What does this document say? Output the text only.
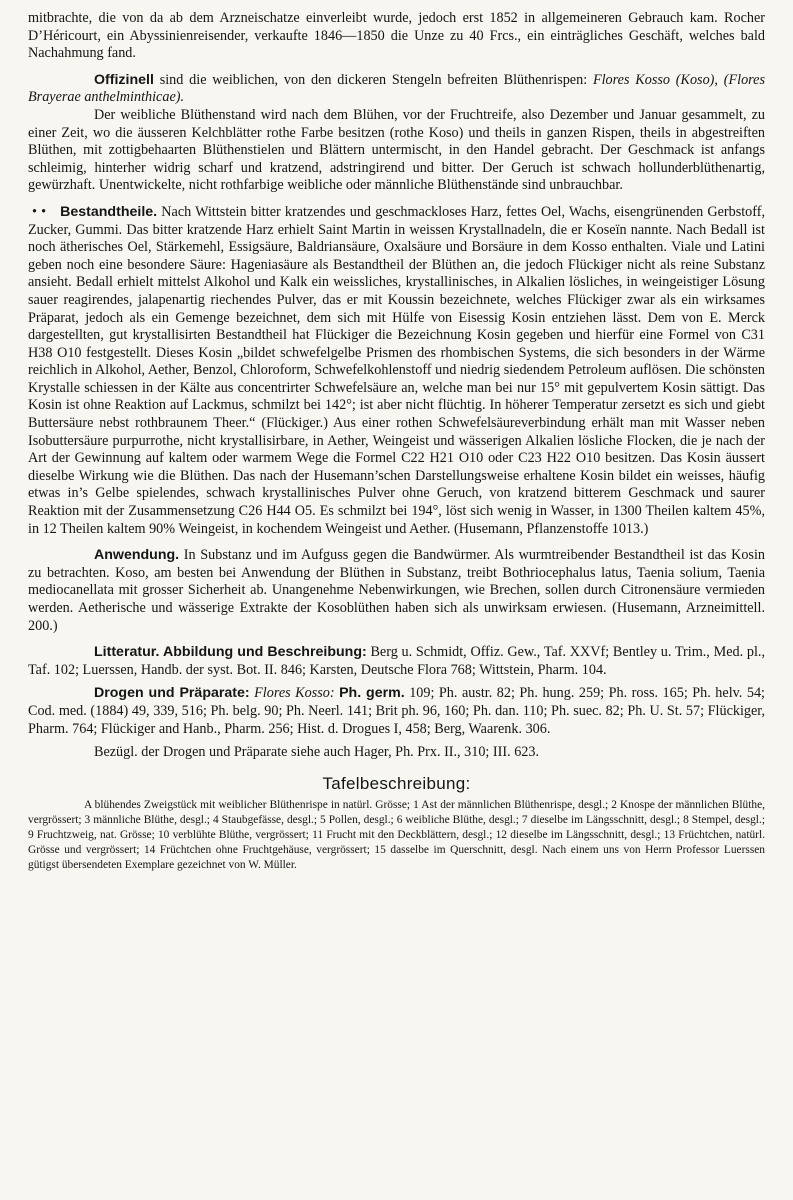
mitbrachte, die von da ab dem Arzneischatze einverleibt wurde, jedoch erst 1852 in allgemeineren Gebrauch kam. Rocher D’Héricourt, ein Abyssinienreisender, verkaufte 1846—1850 die Unze zu 40 Frcs., ein einträgliches Geschäft, welches bald Nachahmung fand.

Offizinell sind die weiblichen, von den dickeren Stengeln befreiten Blüthenrispen: Flores Kosso (Koso), (Flores Brayerae anthelminthicae).

Der weibliche Blüthenstand wird nach dem Blühen, vor der Fruchtreife, also Dezember und Januar gesammelt, zu einer Zeit, wo die äusseren Kelchblätter rothe Farbe besitzen (rothe Koso) und theils in ganzen Rispen, theils in abgestreiften Blüthen, mit zottigbehaarten Blüthenstielen und Blättern untermischt, in den Handel gebracht. Der Geschmack ist anfangs schleimig, hinterher widrig scharf und kratzend, adstringirend und bitter. Der Geruch ist schwach hollunderblüthenartig, gewürzhaft. Unentwickelte, nicht rothfarbige weibliche oder männliche Blüthenstände sind unbrauchbar.

• • Bestandtheile. Nach Wittstein bitter kratzendes und geschmackloses Harz, fettes Oel, Wachs, eisengrünenden Gerbstoff, Zucker, Gummi. Das bitter kratzende Harz erhielt Saint Martin in weissen Krystallnadeln, die er Koseïn nannte. Nach Bedall ist noch ätherisches Oel, Stärkemehl, Essigsäure, Baldriansäure, Oxalsäure und Borsäure in dem Kosso enthalten. Viale und Latini geben noch eine besondere Säure: Hageniasäure als Bestandtheil der Blüthen an, die jedoch Flückiger nicht als reine Substanz ansieht. Bedall erhielt mittelst Alkohol und Kalk ein weissliches, krystallinisches, in Alkalien lösliches, in weingeistiger Lösung sauer reagirendes, jalapenartig riechendes Pulver, das er mit Koussin bezeichnete, welches Flückiger zwar als ein wirksames Präparat, jedoch als ein Gemenge bezeichnet, dem sich mit Hülfe von Eisessig Kosin entziehen lässt. Dem von E. Merck dargestellten, gut krystallisirten Bestandtheil hat Flückiger die Bezeichnung Kosin gegeben und hierfür eine Formel von C31 H38 O10 festgestellt. Dieses Kosin „bildet schwefelgelbe Prismen des rhombischen Systems, die sich besonders in der Wärme reichlich in Alkohol, Aether, Benzol, Chloroform, Schwefelkohlenstoff und niedrig siedendem Petroleum auflösen. Die schönsten Krystalle schiessen in der Kälte aus concentrirter Schwefelsäure an, welche man bei nur 15° mit gepulvertem Kosin sättigt. Das Kosin ist ohne Reaktion auf Lackmus, schmilzt bei 142°; ist aber nicht flüchtig. In höherer Temperatur zersetzt es sich und giebt Buttersäure nebst rothbraunem Theer.“ (Flückiger.) Aus einer rothen Schwefelsäureverbindung erhält man mit Wasser neben Isobuttersäure purpurrothe, nicht krystallisirbare, in Aether, Weingeist und wässerigen Alkalien lösliche Flocken, die je nach der Art der Gewinnung auf kaltem oder warmem Wege die Formel C22 H21 O10 oder C23 H22 O10 besitzen. Das Kosin äussert dieselbe Wirkung wie die Blüthen. Das nach der Husemann’schen Darstellungsweise erhaltene Kosin bildet ein weisses, häufig etwas in’s Gelbe spielendes, schwach krystallinisches Pulver ohne Geruch, von kratzend bitterem Geschmack und saurer Reaktion mit der Zusammensetzung C26 H44 O5. Es schmilzt bei 194°, löst sich wenig in Wasser, in 1300 Theilen kaltem 45%, in 12 Theilen kaltem 90% Weingeist, in kochendem Weingeist und Aether. (Husemann, Pflanzenstoffe 1013.)

Anwendung. In Substanz und im Aufguss gegen die Bandwürmer. Als wurmtreibender Bestandtheil ist das Kosin zu betrachten. Koso, am besten bei Anwendung der Blüthen in Substanz, treibt Bothriocephalus latus, Taenia solium, Taenia mediocanellata mit grosser Sicherheit ab. Unangenehme Nebenwirkungen, wie Brechen, sollen durch Citronensäure vermieden werden. Aetherische und wässerige Extrakte der Kosoblüthen haben sich als unwirksam erwiesen. (Husemann, Arzneimittell. 200.)

Litteratur. Abbildung und Beschreibung: Berg u. Schmidt, Offiz. Gew., Taf. XXVf; Bentley u. Trim., Med. pl., Taf. 102; Luerssen, Handb. der syst. Bot. II. 846; Karsten, Deutsche Flora 768; Wittstein, Pharm. 104.

Drogen und Präparate: Flores Kosso: Ph. germ. 109; Ph. austr. 82; Ph. hung. 259; Ph. ross. 165; Ph. helv. 54; Cod. med. (1884) 49, 339, 516; Ph. belg. 90; Ph. Neerl. 141; Brit ph. 96, 160; Ph. dan. 110; Ph. suec. 82; Ph. U. St. 57; Flückiger, Pharm. 764; Flückiger and Hanb., Pharm. 256; Hist. d. Drogues I, 458; Berg, Waarenk. 306.

Bezügl. der Drogen und Präparate siehe auch Hager, Ph. Prx. II., 310; III. 623.

Tafelbeschreibung:

A blühendes Zweigstück mit weiblicher Blüthenrispe in natürl. Grösse; 1 Ast der männlichen Blüthenrispe, desgl.; 2 Knospe der männlichen Blüthe, vergrössert; 3 männliche Blüthe, desgl.; 4 Staubgefässe, desgl.; 5 Pollen, desgl.; 6 weibliche Blüthe, desgl.; 7 dieselbe im Längsschnitt, desgl.; 8 Stempel, desgl.; 9 Fruchtzweig, nat. Grösse; 10 verblühte Blüthe, vergrössert; 11 Frucht mit den Deckblättern, desgl.; 12 dieselbe im Längsschnitt, desgl.; 13 Früchtchen, natürl. Grösse und vergrössert; 14 Früchtchen ohne Fruchtgehäuse, vergrössert; 15 dasselbe im Querschnitt, desgl. Nach einem uns von Herrn Professor Luerssen gütigst übersendeten Exemplare gezeichnet von W. Müller.
